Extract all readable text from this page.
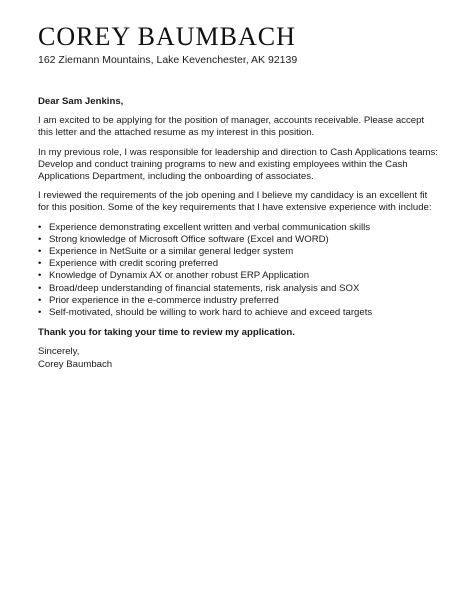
COREY BAUMBACH
162 Ziemann Mountains, Lake Kevenchester, AK 92139

Dear Sam Jenkins,

I am excited to be applying for the position of manager, accounts receivable. Please accept this letter and the attached resume as my interest in this position.

In my previous role, I was responsible for leadership and direction to Cash Applications teams: Develop and conduct training programs to new and existing employees within the Cash Applications Department, including the onboarding of associates.

I reviewed the requirements of the job opening and I believe my candidacy is an excellent fit for this position. Some of the key requirements that I have extensive experience with include:

• Experience demonstrating excellent written and verbal communication skills
• Strong knowledge of Microsoft Office software (Excel and WORD)
• Experience in NetSuite or a similar general ledger system
• Experience with credit scoring preferred
• Knowledge of Dynamix AX or another robust ERP Application
• Broad/deep understanding of financial statements, risk analysis and SOX
• Prior experience in the e-commerce industry preferred
• Self-motivated, should be willing to work hard to achieve and exceed targets

Thank you for taking your time to review my application.

Sincerely,

Corey Baumbach
